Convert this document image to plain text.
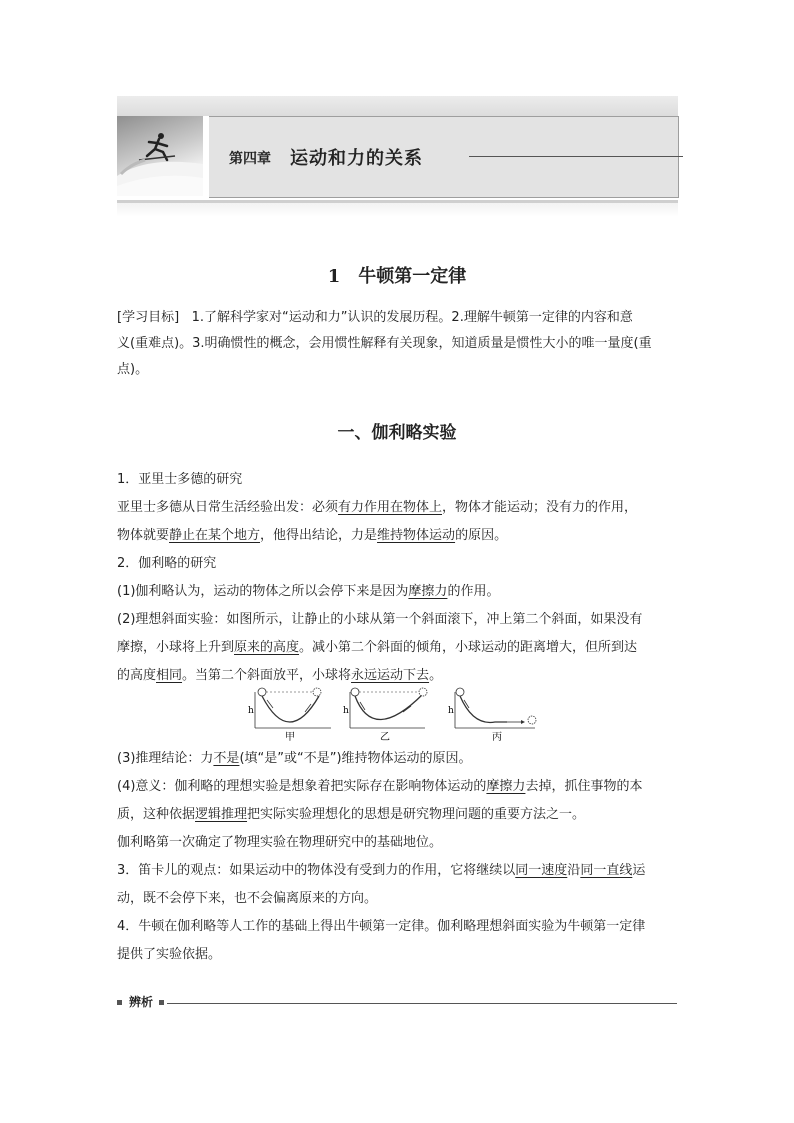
第四章 运动和力的关系
1 牛顿第一定律
[学习目标] 1.了解科学家对“运动和力”认识的发展历程。2.理解牛顿第一定律的内容和意
义(重难点)。3.明确惯性的概念，会用惯性解释有关现象，知道质量是惯性大小的唯一量度(重
点)。
一、伽利略实验
1．亚里士多德的研究
亚里士多德从日常生活经验出发：必须有力作用在物体上，物体才能运动；没有力的作用，
物体就要静止在某个地方，他得出结论，力是维持物体运动的原因。
2．伽利略的研究
(1)伽利略认为，运动的物体之所以会停下来是因为摩擦力的作用。
(2)理想斜面实验：如图所示，让静止的小球从第一个斜面滚下，冲上第二个斜面，如果没有
摩擦，小球将上升到原来的高度。减小第二个斜面的倾角，小球运动的距离增大，但所到达
的高度相同。当第二个斜面放平，小球将永远运动下去。
h
甲
h
乙
h
丙
(3)推理结论：力不是(填“是”或“不是”)维持物体运动的原因。
(4)意义：伽利略的理想实验是想象着把实际存在影响物体运动的摩擦力去掉，抓住事物的本
质，这种依据逻辑推理把实际实验理想化的思想是研究物理问题的重要方法之一。
伽利略第一次确定了物理实验在物理研究中的基础地位。
3．笛卡儿的观点：如果运动中的物体没有受到力的作用，它将继续以同一速度沿同一直线运
动，既不会停下来，也不会偏离原来的方向。
4．牛顿在伽利略等人工作的基础上得出牛顿第一定律。伽利略理想斜面实验为牛顿第一定律
提供了实验依据。
辨析
